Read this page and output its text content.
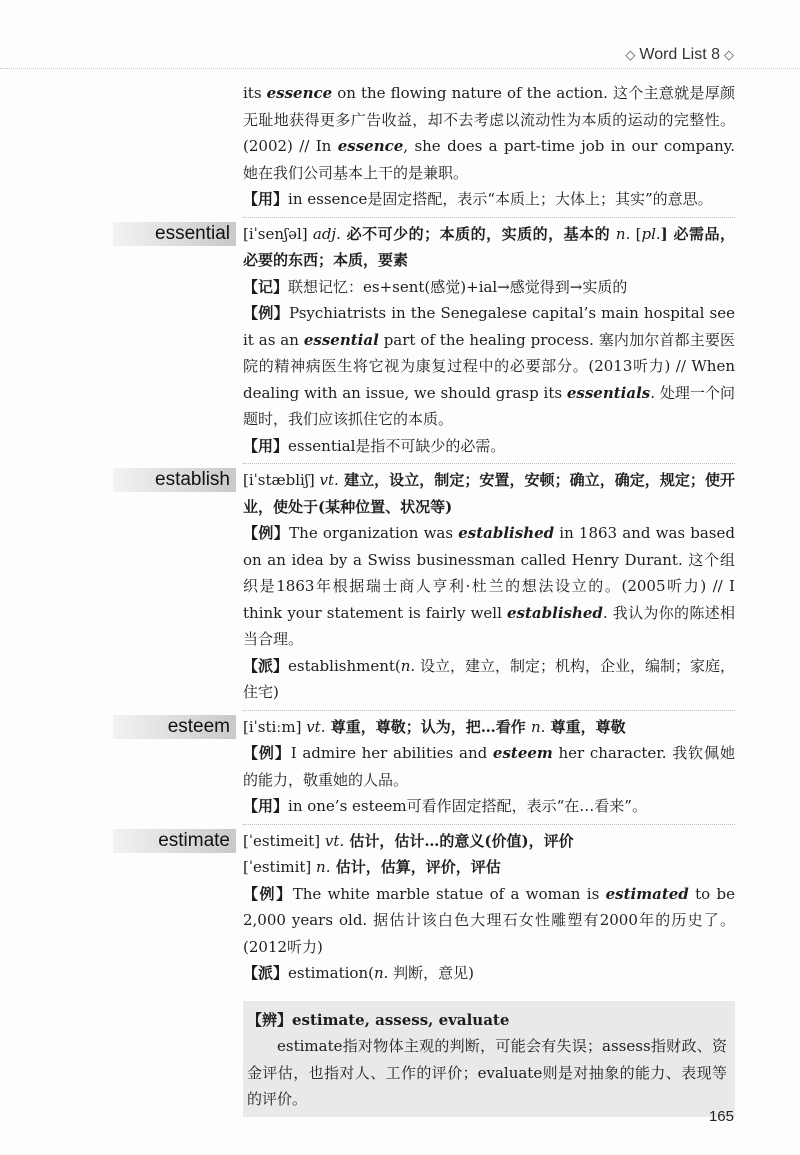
◇ Word List 8 ◇

its essence on the flowing nature of the action. 这个主意就是厚颜无耻地获得更多广告收益，却不去考虑以流动性为本质的运动的完整性。(2002) // In essence, she does a part-time job in our company. 她在我们公司基本上干的是兼职。

【用】in essence是固定搭配，表示“本质上；大体上；其实”的意思。

essential [iˈsenʃəl] adj. 必不可少的；本质的，实质的，基本的 n. [pl.] 必需品，必要的东西；本质，要素

【记】联想记忆：es+sent(感觉)+ial→感觉得到→实质的

【例】Psychiatrists in the Senegalese capital’s main hospital see it as an essential part of the healing process. 塞内加尔首都主要医院的精神病医生将它视为康复过程中的必要部分。(2013听力) // When dealing with an issue, we should grasp its essentials. 处理一个问题时，我们应该抓住它的本质。

【用】essential是指不可缺少的必需。

establish [iˈstæbliʃ] vt. 建立，设立，制定；安置，安顿；确立，确定，规定；使开业，使处于(某种位置、状况等)

【例】The organization was established in 1863 and was based on an idea by a Swiss businessman called Henry Durant. 这个组织是1863年根据瑞士商人亨利·杜兰的想法设立的。(2005听力) // I think your statement is fairly well established. 我认为你的陈述相当合理。

【派】establishment(n. 设立，建立，制定；机构，企业，编制；家庭，住宅)

esteem [iˈstiːm] vt. 尊重，尊敬；认为，把…看作 n. 尊重，尊敬

【例】I admire her abilities and esteem her character. 我钦佩她的能力，敬重她的人品。

【用】in one’s esteem可看作固定搭配，表示“在…看来”。

estimate [ˈestimeit] vt. 估计，估计…的意义(价值)，评价

[ˈestimit] n. 估计，估算，评价，评估

【例】The white marble statue of a woman is estimated to be 2,000 years old. 据估计该白色大理石女性雕塑有2000年的历史了。(2012听力)

【派】estimation(n. 判断，意见)

【辨】estimate, assess, evaluate

estimate指对物体主观的判断，可能会有失误；assess指财政、资金评估，也指对人、工作的评价；evaluate则是对抽象的能力、表现等的评价。

165
